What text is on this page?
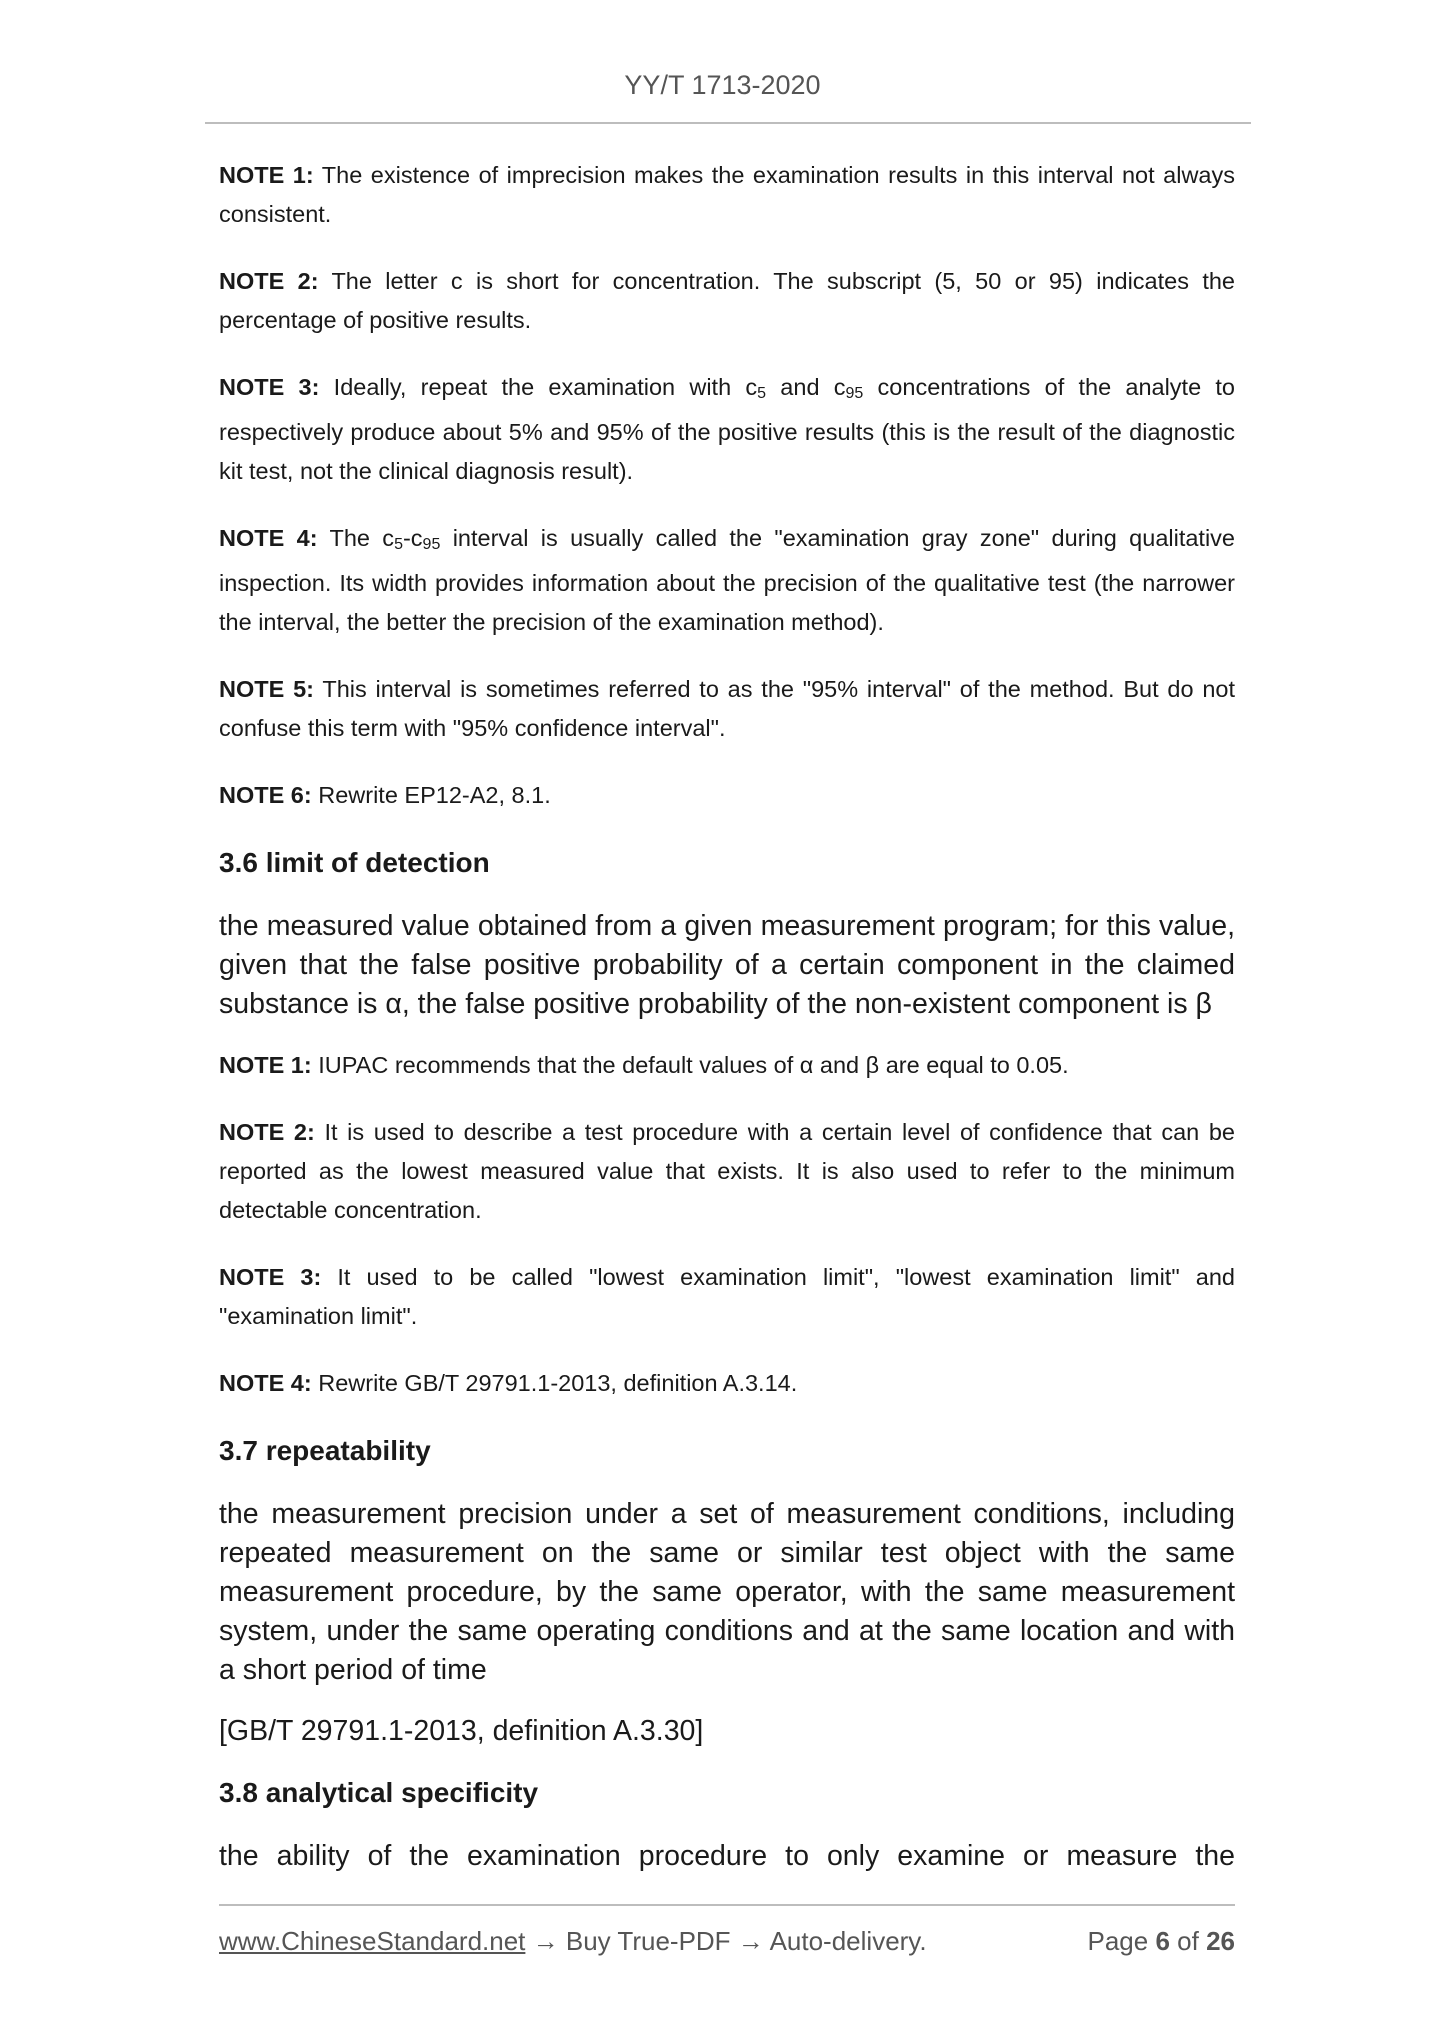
YY/T 1713-2020

NOTE 1: The existence of imprecision makes the examination results in this interval not always consistent.

NOTE 2: The letter c is short for concentration. The subscript (5, 50 or 95) indicates the percentage of positive results.

NOTE 3: Ideally, repeat the examination with c5 and c95 concentrations of the analyte to respectively produce about 5% and 95% of the positive results (this is the result of the diagnostic kit test, not the clinical diagnosis result).

NOTE 4: The c5-c95 interval is usually called the "examination gray zone" during qualitative inspection. Its width provides information about the precision of the qualitative test (the narrower the interval, the better the precision of the examination method).

NOTE 5: This interval is sometimes referred to as the "95% interval" of the method. But do not confuse this term with "95% confidence interval".

NOTE 6: Rewrite EP12-A2, 8.1.

3.6 limit of detection

the measured value obtained from a given measurement program; for this value, given that the false positive probability of a certain component in the claimed substance is α, the false positive probability of the non-existent component is β

NOTE 1: IUPAC recommends that the default values of α and β are equal to 0.05.

NOTE 2: It is used to describe a test procedure with a certain level of confidence that can be reported as the lowest measured value that exists. It is also used to refer to the minimum detectable concentration.

NOTE 3: It used to be called "lowest examination limit", "lowest examination limit" and "examination limit".

NOTE 4: Rewrite GB/T 29791.1-2013, definition A.3.14.

3.7 repeatability

the measurement precision under a set of measurement conditions, including repeated measurement on the same or similar test object with the same measurement procedure, by the same operator, with the same measurement system, under the same operating conditions and at the same location and with a short period of time

[GB/T 29791.1-2013, definition A.3.30]

3.8 analytical specificity

the ability of the examination procedure to only examine or measure the

www.ChineseStandard.net → Buy True-PDF → Auto-delivery.	Page 6 of 26
